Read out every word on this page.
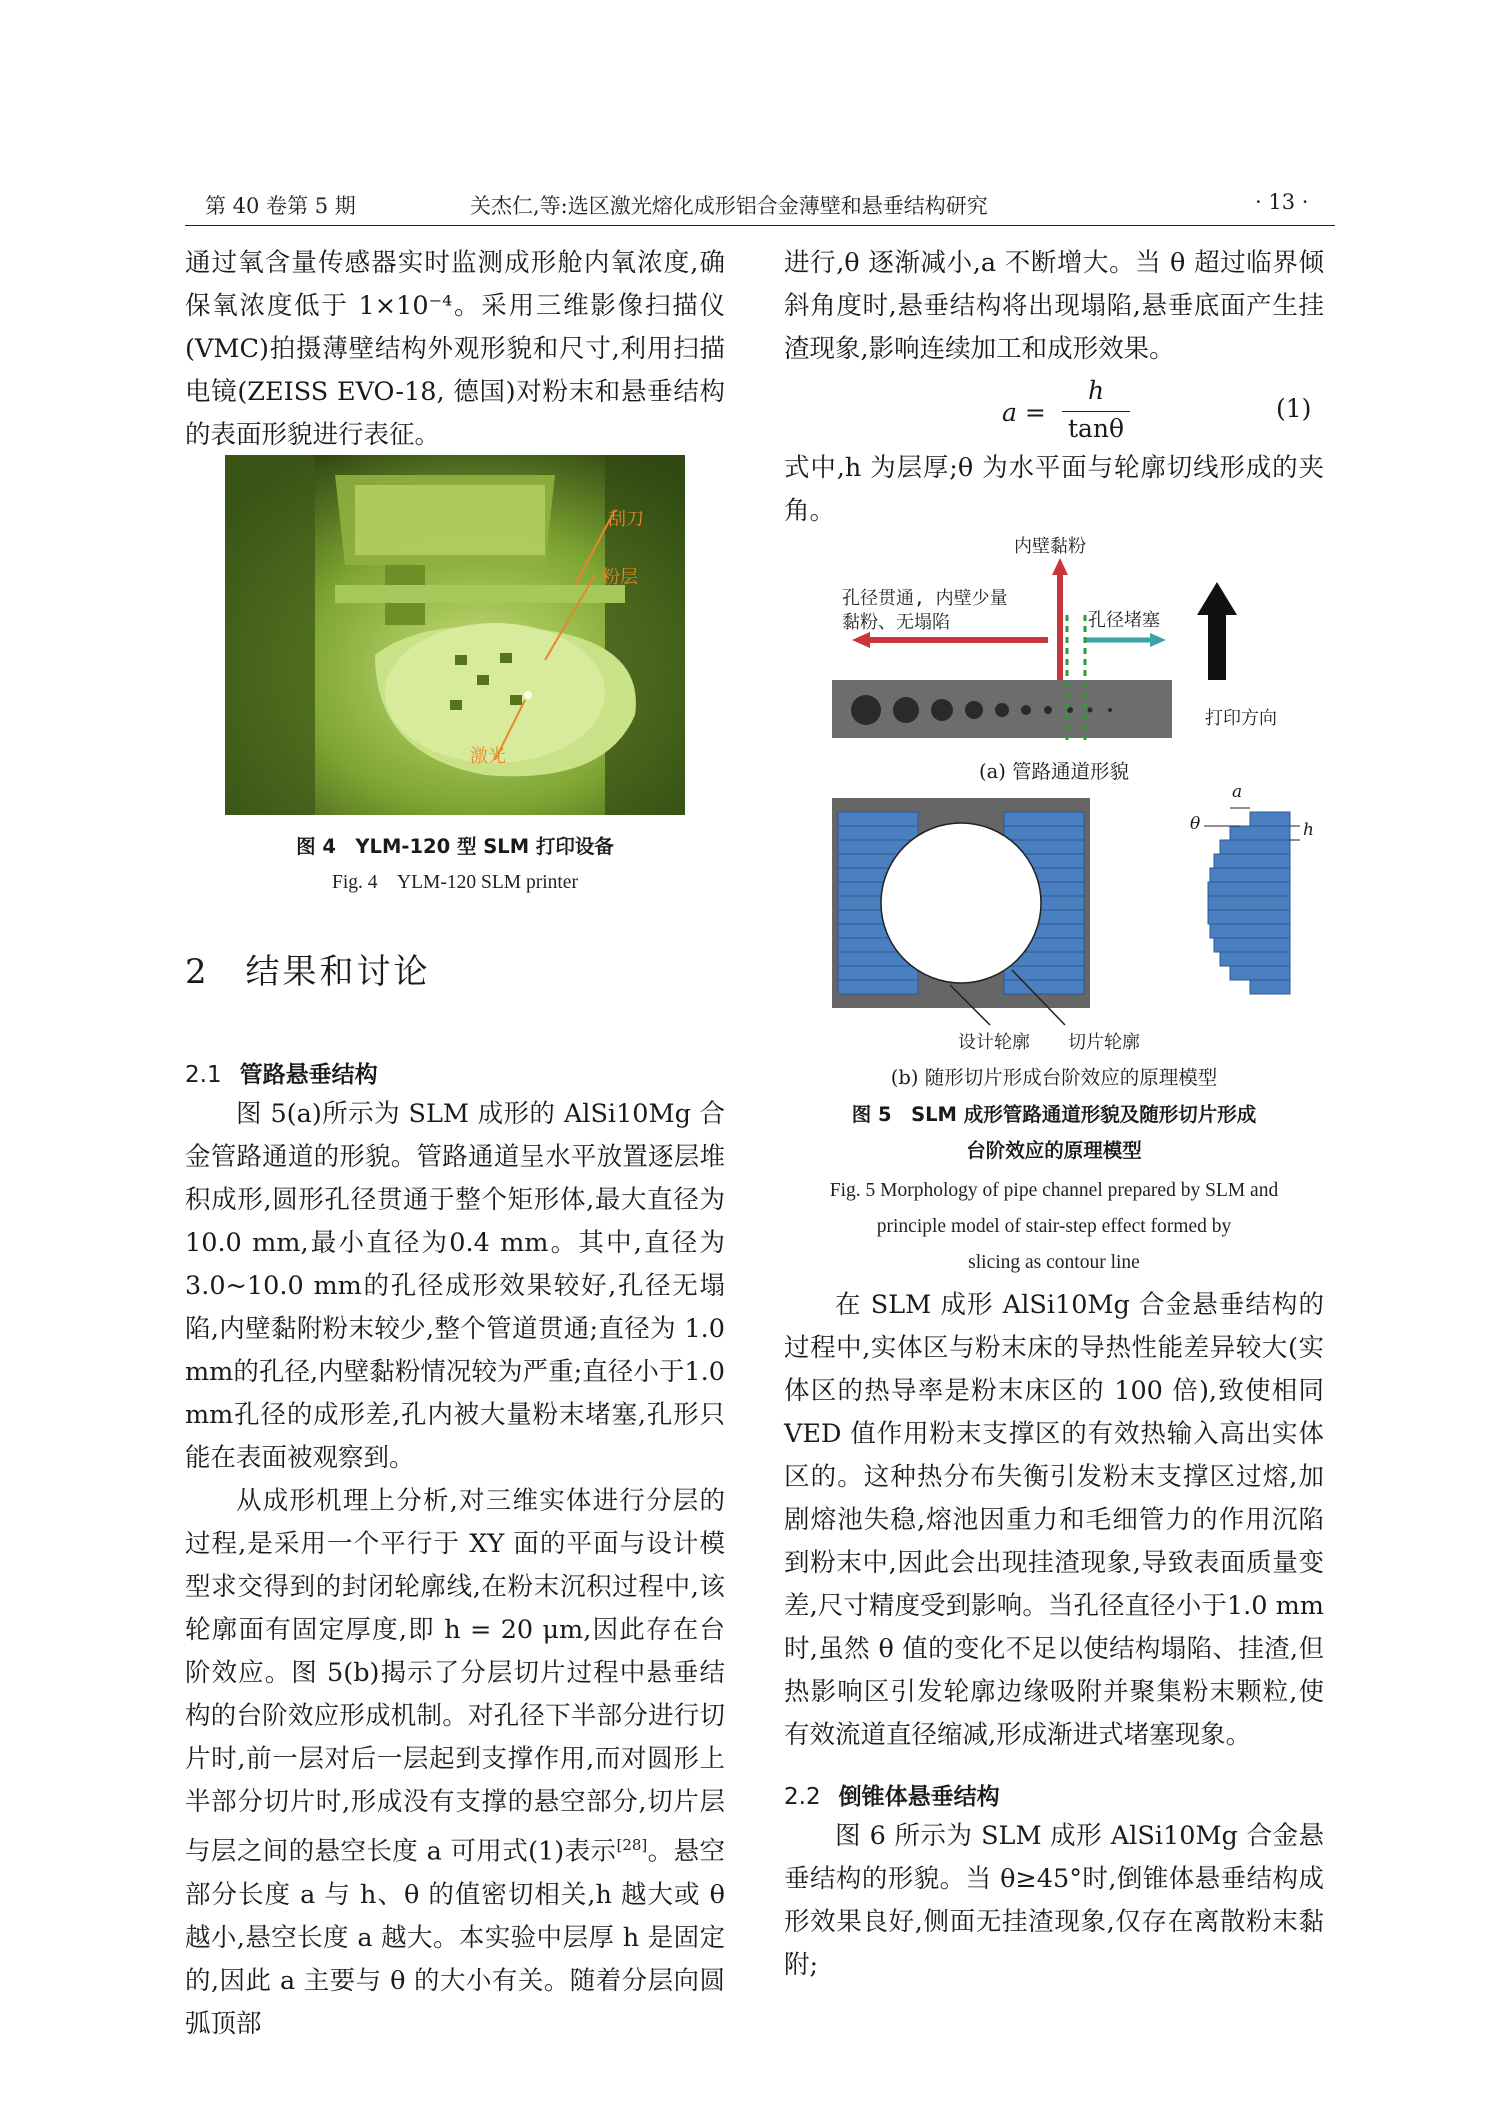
第 40 卷第 5 期	关杰仁,等:选区激光熔化成形铝合金薄壁和悬垂结构研究	· 13 ·

通过氧含量传感器实时监测成形舱内氧浓度,确保氧浓度低于 1×10⁻⁴。采用三维影像扫描仪(VMC)拍摄薄壁结构外观形貌和尺寸,利用扫描电镜(ZEISS EVO-18, 德国)对粉末和悬垂结构的表面形貌进行表征。

刮刀
粉层
激光
图 4　YLM-120 型 SLM 打印设备
Fig. 4　YLM-120 SLM printer
2 结果和讨论
2.1 管路悬垂结构

图 5(a)所示为 SLM 成形的 AlSi10Mg 合金管路通道的形貌。管路通道呈水平放置逐层堆积成形,圆形孔径贯通于整个矩形体,最大直径为10.0 mm,最小直径为0.4 mm。其中,直径为 3.0~10.0 mm的孔径成形效果较好,孔径无塌陷,内壁黏附粉末较少,整个管道贯通;直径为 1.0 mm的孔径,内壁黏粉情况较为严重;直径小于1.0 mm孔径的成形差,孔内被大量粉末堵塞,孔形只能在表面被观察到。

从成形机理上分析,对三维实体进行分层的过程,是采用一个平行于 XY 面的平面与设计模型求交得到的封闭轮廓线,在粉末沉积过程中,该轮廓面有固定厚度,即 h = 20 μm,因此存在台阶效应。图 5(b)揭示了分层切片过程中悬垂结构的台阶效应形成机制。对孔径下半部分进行切片时,前一层对后一层起到支撑作用,而对圆形上半部分切片时,形成没有支撑的悬空部分,切片层与层之间的悬空长度 a 可用式(1)表示[28]。悬空部分长度 a 与 h、θ 的值密切相关,h 越大或 θ 越小,悬空长度 a 越大。本实验中层厚 h 是固定的,因此 a 主要与 θ 的大小有关。随着分层向圆弧顶部

进行,θ 逐渐减小,a 不断增大。当 θ 超过临界倾斜角度时,悬垂结构将出现塌陷,悬垂底面产生挂渣现象,影响连续加工和成形效果。

a =
h
tanθ
(1)

式中,h 为层厚;θ 为水平面与轮廓切线形成的夹角。

内壁黏粉
孔径贯通, 内壁少量
黏粉、无塌陷	孔径堵塞
打印方向
(a) 管路通道形貌
a
θ	h
设计轮廓 切片轮廓
(b) 随形切片形成台阶效应的原理模型
图 5　SLM 成形管路通道形貌及随形切片形成
台阶效应的原理模型
Fig. 5 Morphology of pipe channel prepared by SLM and
principle model of stair-step effect formed by
slicing as contour line

在 SLM 成形 AlSi10Mg 合金悬垂结构的过程中,实体区与粉末床的导热性能差异较大(实体区的热导率是粉末床区的 100 倍),致使相同VED 值作用粉末支撑区的有效热输入高出实体区的。这种热分布失衡引发粉末支撑区过熔,加剧熔池失稳,熔池因重力和毛细管力的作用沉陷到粉末中,因此会出现挂渣现象,导致表面质量变差,尺寸精度受到影响。当孔径直径小于1.0 mm时,虽然 θ 值的变化不足以使结构塌陷、挂渣,但热影响区引发轮廓边缘吸附并聚集粉末颗粒,使有效流道直径缩减,形成渐进式堵塞现象。

2.2 倒锥体悬垂结构

图 6 所示为 SLM 成形 AlSi10Mg 合金悬垂结构的形貌。当 θ≥45°时,倒锥体悬垂结构成形效果良好,侧面无挂渣现象,仅存在离散粉末黏附;
